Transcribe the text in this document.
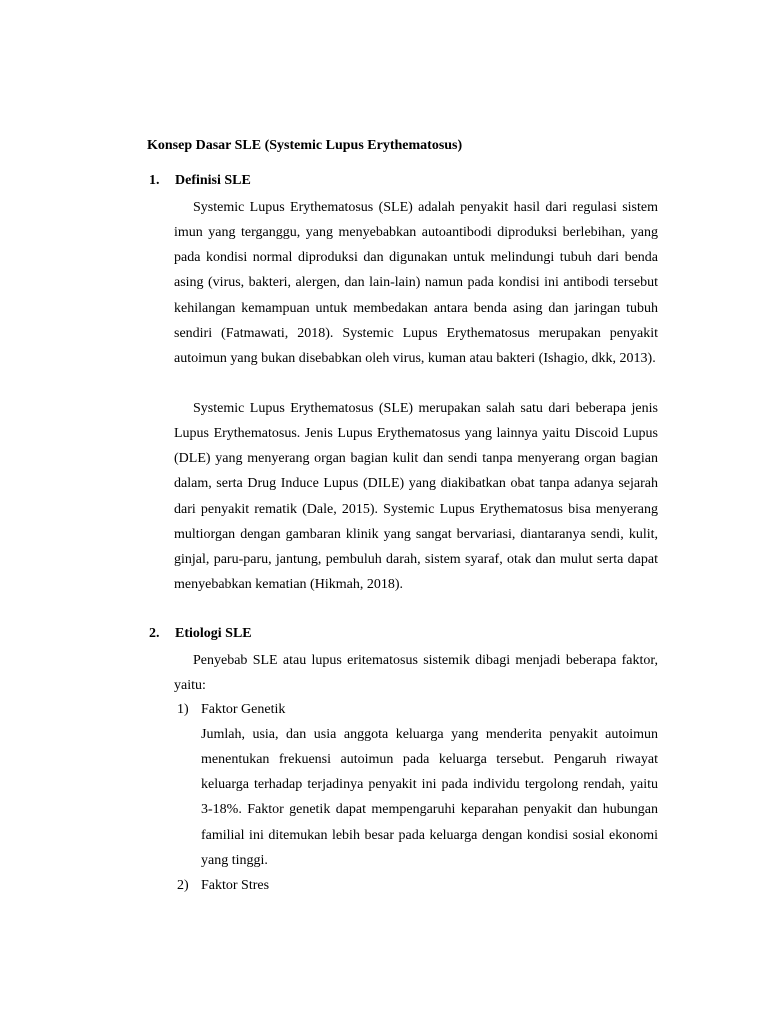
Konsep Dasar SLE (Systemic Lupus Erythematosus)
1. Definisi SLE

Systemic Lupus Erythematosus (SLE) adalah penyakit hasil dari regulasi sistem imun yang terganggu, yang menyebabkan autoantibodi diproduksi berlebihan, yang pada kondisi normal diproduksi dan digunakan untuk melindungi tubuh dari benda asing (virus, bakteri, alergen, dan lain-lain) namun pada kondisi ini antibodi tersebut kehilangan kemampuan untuk membedakan antara benda asing dan jaringan tubuh sendiri (Fatmawati, 2018). Systemic Lupus Erythematosus merupakan penyakit autoimun yang bukan disebabkan oleh virus, kuman atau bakteri (Ishagio, dkk, 2013).

Systemic Lupus Erythematosus (SLE) merupakan salah satu dari beberapa jenis Lupus Erythematosus. Jenis Lupus Erythematosus yang lainnya yaitu Discoid Lupus (DLE) yang menyerang organ bagian kulit dan sendi tanpa menyerang organ bagian dalam, serta Drug Induce Lupus (DILE) yang diakibatkan obat tanpa adanya sejarah dari penyakit rematik (Dale, 2015). Systemic Lupus Erythematosus bisa menyerang multiorgan dengan gambaran klinik yang sangat bervariasi, diantaranya sendi, kulit, ginjal, paru-paru, jantung, pembuluh darah, sistem syaraf, otak dan mulut serta dapat menyebabkan kematian (Hikmah, 2018).

2. Etiologi SLE

Penyebab SLE atau lupus eritematosus sistemik dibagi menjadi beberapa faktor, yaitu:

1) Faktor Genetik

Jumlah, usia, dan usia anggota keluarga yang menderita penyakit autoimun menentukan frekuensi autoimun pada keluarga tersebut. Pengaruh riwayat keluarga terhadap terjadinya penyakit ini pada individu tergolong rendah, yaitu 3-18%. Faktor genetik dapat mempengaruhi keparahan penyakit dan hubungan familial ini ditemukan lebih besar pada keluarga dengan kondisi sosial ekonomi yang tinggi.

2) Faktor Stres
